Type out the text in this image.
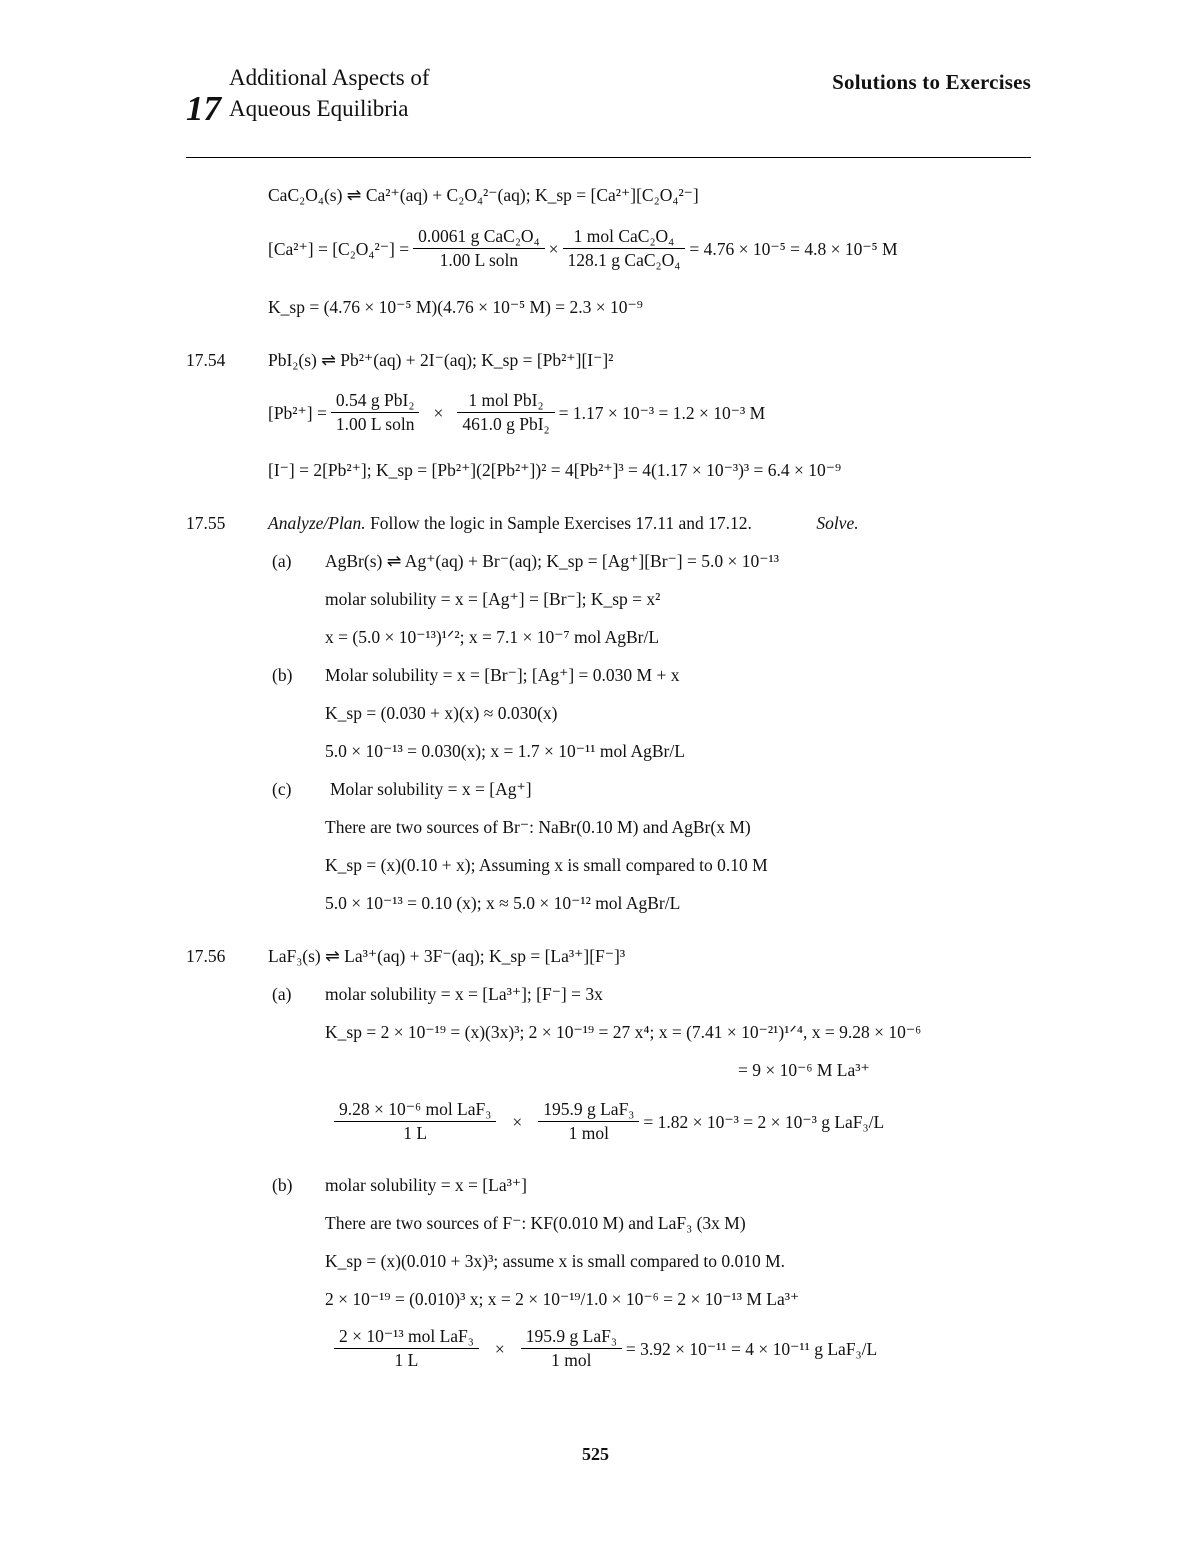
17Additional Aspects of
Aqueous Equilibria
Solutions to Exercises
CaC₂O₄(s) ⇌ Ca²⁺(aq) + C₂O₄²⁻(aq); K_sp = [Ca²⁺][C₂O₄²⁻]
$[Ca^{2+}] = [C_2O_4^{2-}] = \frac{\text{0.0061 g CaC₂O₄}}{\text{1.00 L soln}} \times \frac{\text{1 mol CaC₂O₄}}{\text{128.1 g CaC₂O₄}} = 4.76 \times 10^{-5} = 4.8 \times 10^{-5}$ M
K_sp = (4.76 × 10⁻⁵ M)(4.76 × 10⁻⁵ M) = 2.3 × 10⁻⁹
17.54 PbI₂(s) ⇌ Pb²⁺(aq) + 2I⁻(aq); K_sp = [Pb²⁺][I⁻]²
$[Pb^{2+}] = \frac{\text{0.54 g PbI₂}}{\text{1.00 L soln}} \times \frac{\text{1 mol PbI₂}}{\text{461.0 g PbI₂}} = 1.17 \times 10^{-3} = 1.2 \times 10^{-3}$ M
[I⁻] = 2[Pb²⁺]; K_sp = [Pb²⁺](2[Pb²⁺])² = 4[Pb²⁺]³ = 4(1.17 × 10⁻³)³ = 6.4 × 10⁻⁹
17.55 Analyze/Plan. Follow the logic in Sample Exercises 17.11 and 17.12.	Solve.
(a) AgBr(s) ⇌ Ag⁺(aq) + Br⁻(aq); K_sp = [Ag⁺][Br⁻] = 5.0 × 10⁻¹³
molar solubility = x = [Ag⁺] = [Br⁻]; K_sp = x²
x = (5.0 × 10⁻¹³)¹ᐟ²; x = 7.1 × 10⁻⁷ mol AgBr/L
(b) Molar solubility = x = [Br⁻]; [Ag⁺] = 0.030 M + x
K_sp = (0.030 + x)(x) ≈ 0.030(x)
5.0 × 10⁻¹³ = 0.030(x); x = 1.7 × 10⁻¹¹ mol AgBr/L
(c) Molar solubility = x = [Ag⁺]
There are two sources of Br⁻: NaBr(0.10 M) and AgBr(x M)
K_sp = (x)(0.10 + x); Assuming x is small compared to 0.10 M
5.0 × 10⁻¹³ = 0.10 (x); x ≈ 5.0 × 10⁻¹² mol AgBr/L
17.56 LaF₃(s) ⇌ La³⁺(aq) + 3F⁻(aq); K_sp = [La³⁺][F⁻]³
(a) molar solubility = x = [La³⁺]; [F⁻] = 3x
K_sp = 2 × 10⁻¹⁹ = (x)(3x)³; 2 × 10⁻¹⁹ = 27 x⁴; x = (7.41 × 10⁻²¹)¹ᐟ⁴, x = 9.28 × 10⁻⁶
= 9 × 10⁻⁶ M La³⁺
$\frac{\text{9.28 × 10⁻⁶ mol LaF₃}}{1 L} \times \frac{\text{195.9 g LaF₃}}{\text{1 mol}} = 1.82 \times 10^{-3} = 2 \times 10^{-3}$ g LaF₃/L
(b) molar solubility = x = [La³⁺]
There are two sources of F⁻: KF(0.010 M) and LaF₃ (3x M)
K_sp = (x)(0.010 + 3x)³; assume x is small compared to 0.010 M.
2 × 10⁻¹⁹ = (0.010)³ x; x = 2 × 10⁻¹⁹/1.0 × 10⁻⁶ = 2 × 10⁻¹³ M La³⁺
$\frac{\text{2 × 10⁻¹³ mol LaF₃}}{1 L} \times \frac{\text{195.9 g LaF₃}}{\text{1 mol}} = 3.92 \times 10^{-11} = 4 \times 10^{-11}$ g LaF₃/L
525
